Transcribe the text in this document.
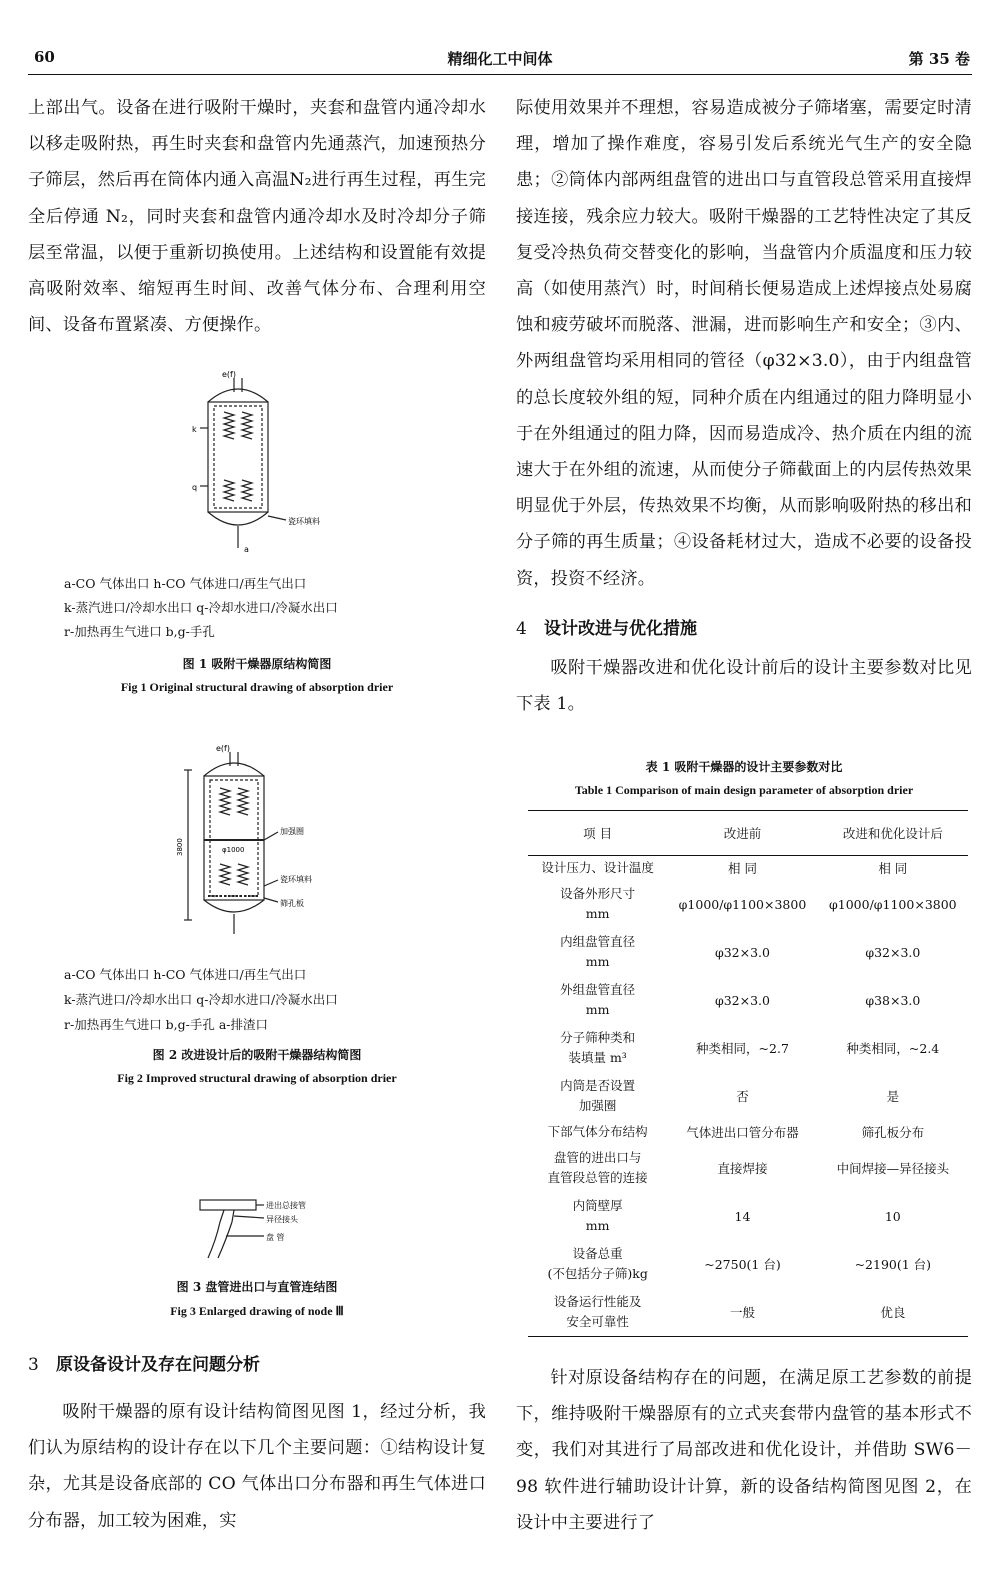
60	精细化工中间体	第 35 卷
上部出气。设备在进行吸附干燥时，夹套和盘管内通冷却水以移走吸附热，再生时夹套和盘管内先通蒸汽，加速预热分子筛层，然后再在筒体内通入高温N₂进行再生过程，再生完全后停通 N₂，同时夹套和盘管内通冷却水及时冷却分子筛层至常温，以便于重新切换使用。上述结构和设置能有效提高吸附效率、缩短再生时间、改善气体分布、合理利用空间、设备布置紧凑、方便操作。
e(f)
k
q
a
瓷环填料
a-CO 气体出口 h-CO 气体进口/再生气出口
k-蒸汽进口/冷却水出口 q-冷却水进口/冷凝水出口
r-加热再生气进口 b,g-手孔
图 1 吸附干燥器原结构简图
Fig 1 Original structural drawing of absorption drier
e(f)
3800
加强圈
φ1000
瓷环填料
筛孔板
a-CO 气体出口 h-CO 气体进口/再生气出口
k-蒸汽进口/冷却水出口 q-冷却水进口/冷凝水出口
r-加热再生气进口 b,g-手孔 a-排渣口
图 2 改进设计后的吸附干燥器结构简图
Fig 2 Improved structural drawing of absorption drier
进出总接管
异径接头
盘 管
图 3 盘管进出口与直管连结图
Fig 3 Enlarged drawing of node Ⅲ
3 原设备设计及存在问题分析
吸附干燥器的原有设计结构简图见图 1，经过分析，我们认为原结构的设计存在以下几个主要问题：①结构设计复杂，尤其是设备底部的 CO 气体出口分布器和再生气体进口分布器，加工较为困难，实
际使用效果并不理想，容易造成被分子筛堵塞，需要定时清理，增加了操作难度，容易引发后系统光气生产的安全隐患；②筒体内部两组盘管的进出口与直管段总管采用直接焊接连接，残余应力较大。吸附干燥器的工艺特性决定了其反复受冷热负荷交替变化的影响，当盘管内介质温度和压力较高（如使用蒸汽）时，时间稍长便易造成上述焊接点处易腐蚀和疲劳破坏而脱落、泄漏，进而影响生产和安全；③内、外两组盘管均采用相同的管径（φ32×3.0），由于内组盘管的总长度较外组的短，同种介质在内组通过的阻力降明显小于在外组通过的阻力降，因而易造成冷、热介质在内组的流速大于在外组的流速，从而使分子筛截面上的内层传热效果明显优于外层，传热效果不均衡，从而影响吸附热的移出和分子筛的再生质量；④设备耗材过大，造成不必要的设备投资，投资不经济。
4 设计改进与优化措施
吸附干燥器改进和优化设计前后的设计主要参数对比见下表 1。
表 1 吸附干燥器的设计主要参数对比
Table 1 Comparison of main design parameter of absorption drier
项 目	改进前	改进和优化设计后
设计压力、设计温度	相 同	相 同
设备外形尺寸
mm	φ1000/φ1100×3800	φ1000/φ1100×3800
内组盘管直径
mm	φ32×3.0	φ32×3.0
外组盘管直径
mm	φ32×3.0	φ38×3.0
分子筛种类和
装填量 m³	种类相同，~2.7	种类相同，~2.4
内筒是否设置
加强圈	否	是
下部气体分布结构	气体进出口管分布器	筛孔板分布
盘管的进出口与
直管段总管的连接	直接焊接	中间焊接—异径接头
内筒壁厚
mm	14	10
设备总重
(不包括分子筛)kg	~2750(1 台)	~2190(1 台)
设备运行性能及
安全可靠性	一般	优良
针对原设备结构存在的问题，在满足原工艺参数的前提下，维持吸附干燥器原有的立式夹套带内盘管的基本形式不变，我们对其进行了局部改进和优化设计，并借助 SW6－98 软件进行辅助设计计算，新的设备结构简图见图 2，在设计中主要进行了
